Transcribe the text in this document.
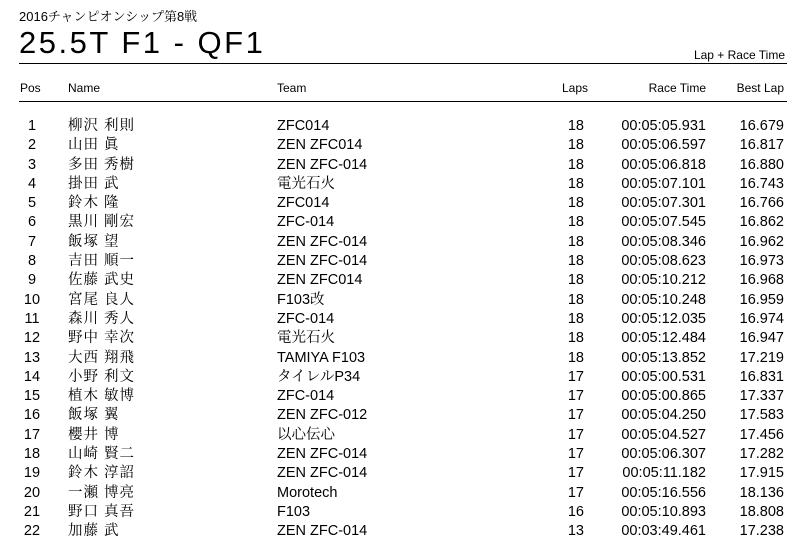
2016チャンピオンシップ第8戦
25.5T F1 - QF1	Lap + Race Time
Pos Name	Team	Laps	Race Time	Best Lap
1	柳沢 利則	ZFC014	18	00:05:05.931	16.679
2	山田 眞	ZEN ZFC014	18	00:05:06.597	16.817
3	多田 秀樹	ZEN ZFC-014	18	00:05:06.818	16.880
4	掛田 武	電光石火	18	00:05:07.101	16.743
5	鈴木 隆	ZFC014	18	00:05:07.301	16.766
6	黒川 剛宏	ZFC-014	18	00:05:07.545	16.862
7	飯塚 望	ZEN ZFC-014	18	00:05:08.346	16.962
8	吉田 順一	ZEN ZFC-014	18	00:05:08.623	16.973
9	佐藤 武史	ZEN ZFC014	18	00:05:10.212	16.968
10 宮尾 良人	F103改	18	00:05:10.248	16.959
11	森川 秀人	ZFC-014	18	00:05:12.035	16.974
12 野中 幸次	電光石火	18	00:05:12.484	16.947
13 大西 翔飛	TAMIYA F103	18	00:05:13.852	17.219
14 小野 利文	タイレルP34	17	00:05:00.531	16.831
15 植木 敏博	ZFC-014	17	00:05:00.865	17.337
16 飯塚 翼	ZEN ZFC-012	17	00:05:04.250	17.583
17 櫻井 博	以心伝心	17	00:05:04.527	17.456
18 山崎 賢二	ZEN ZFC-014	17	00:05:06.307	17.282
19 鈴木 淳詔	ZEN ZFC-014	17	00:05:11.182	17.915
20 一瀬 博亮	Morotech	17	00:05:16.556	18.136
21 野口 真吾	F103	16	00:05:10.893	18.808
22 加藤 武	ZEN ZFC-014	13	00:03:49.461	17.238
